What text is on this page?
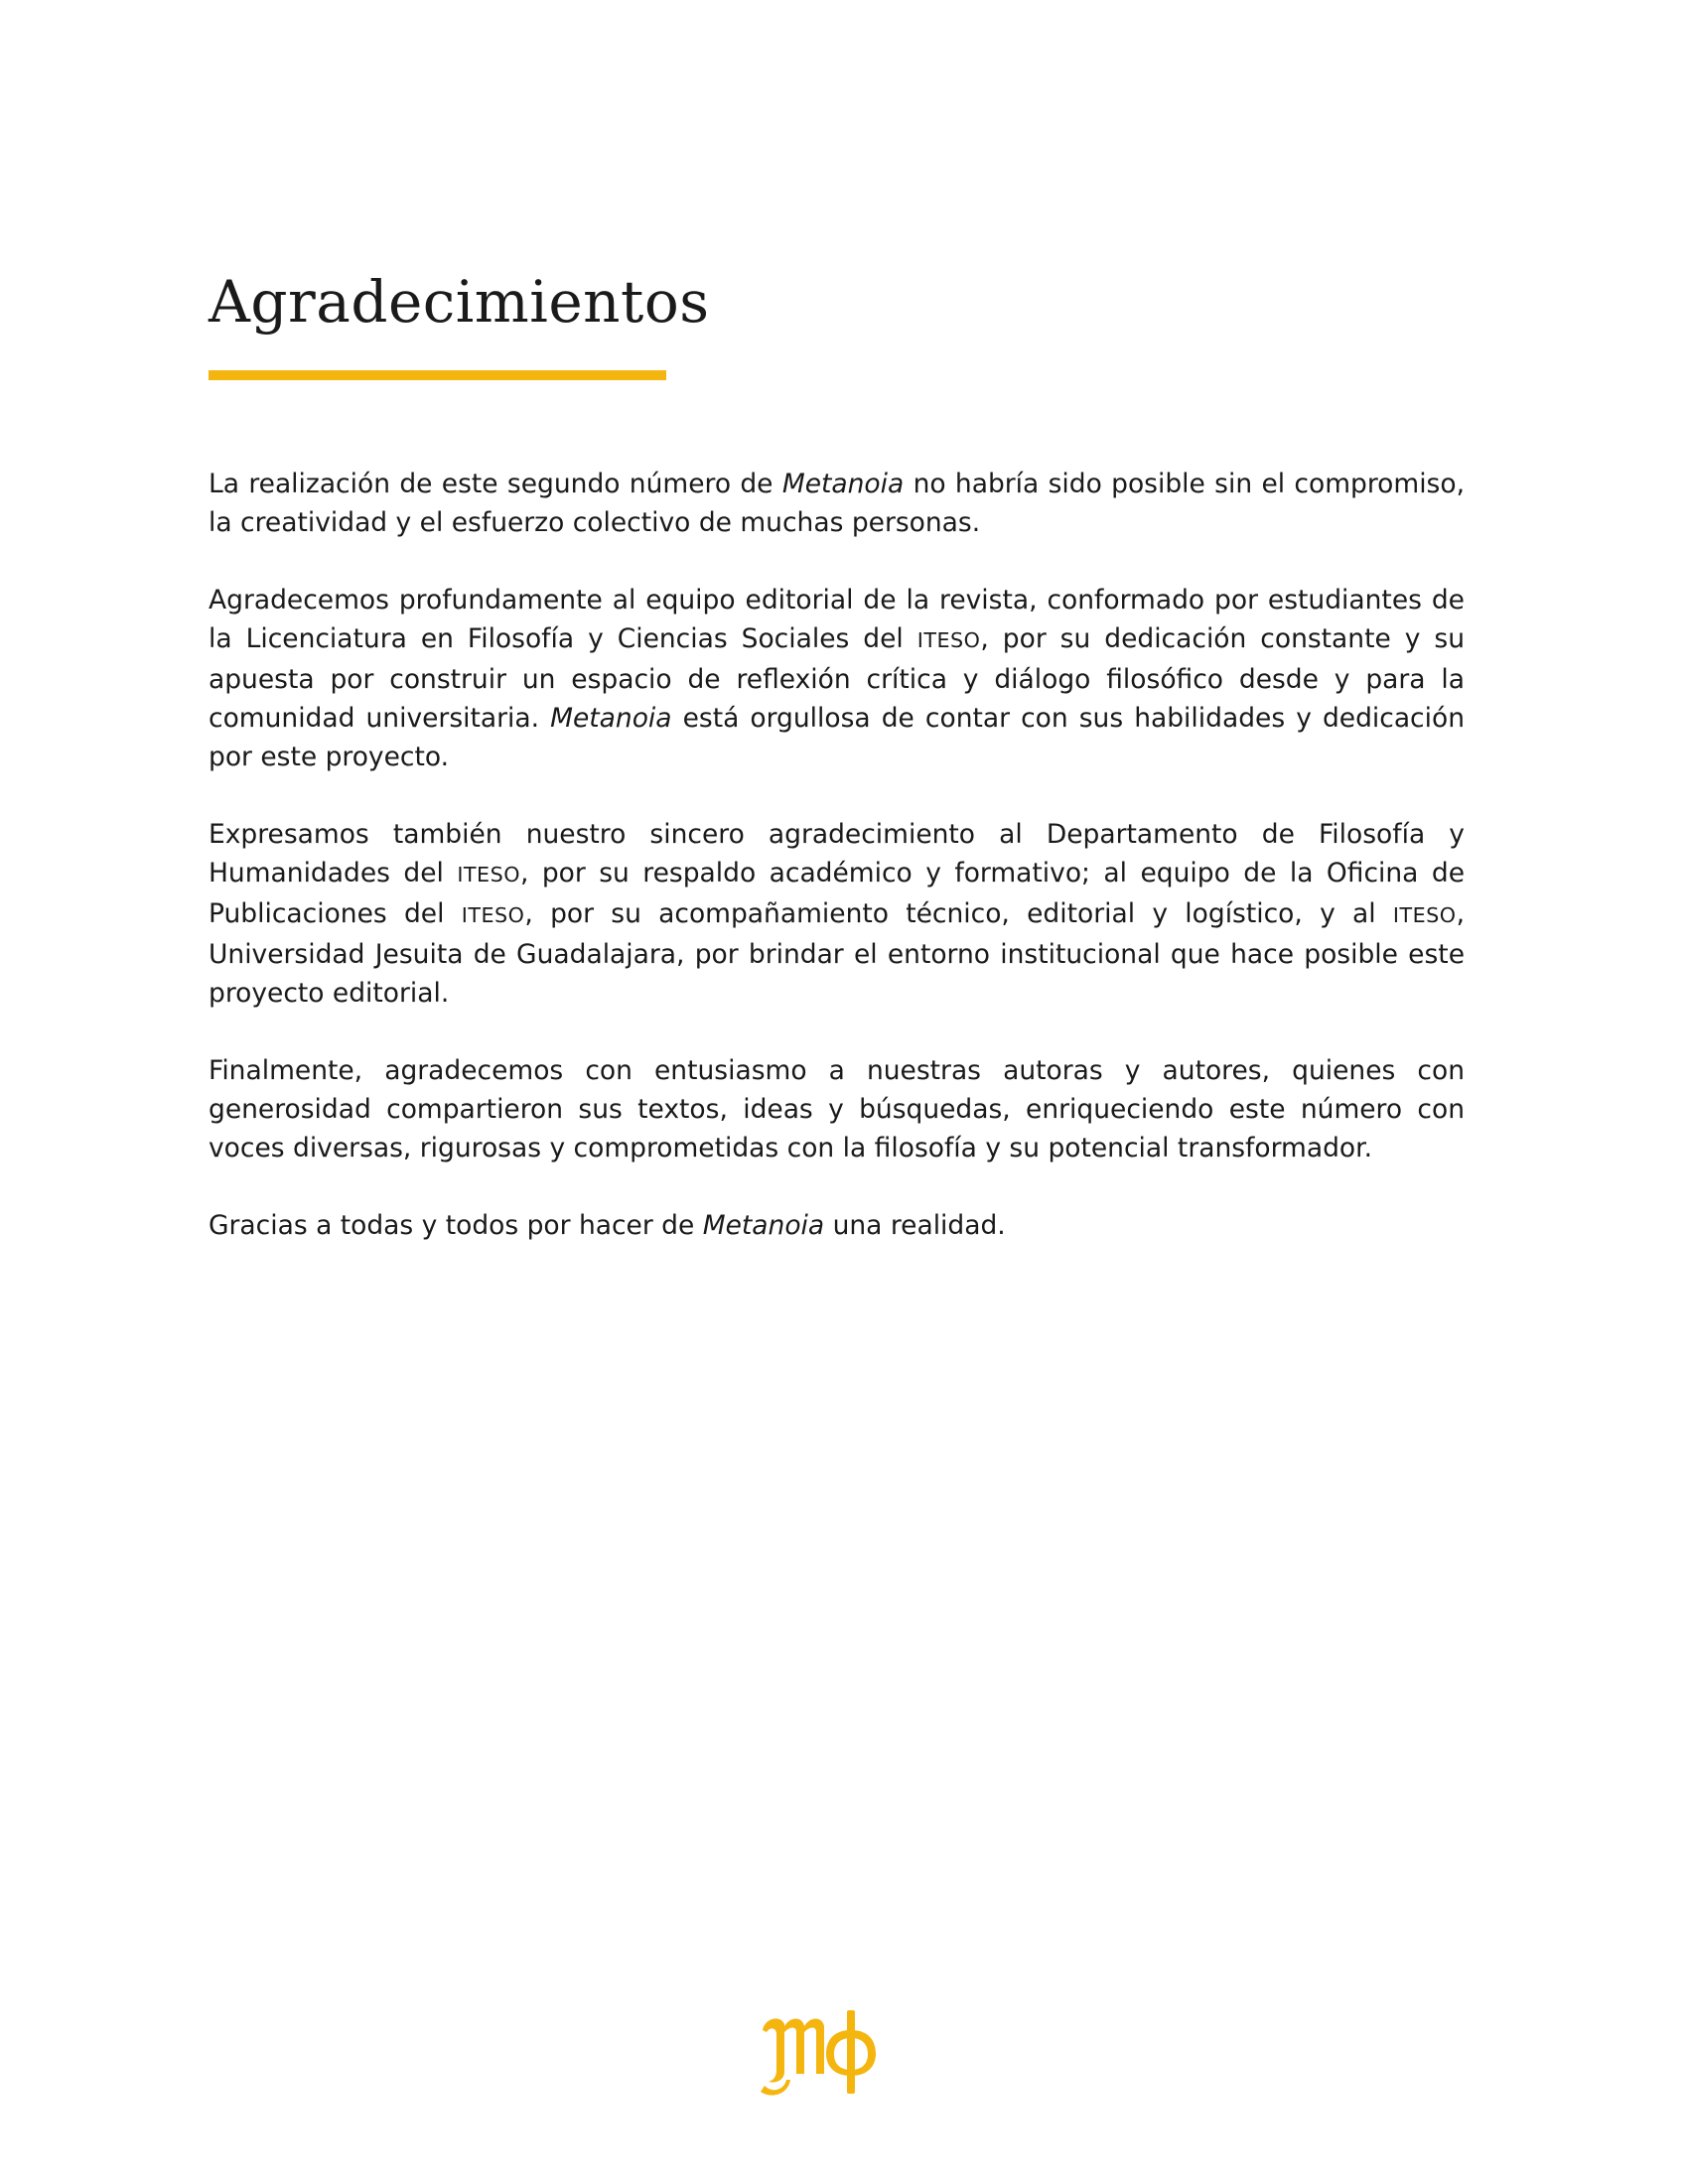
Agradecimientos

La realización de este segundo número de Metanoia no habría sido posible sin el compromiso, la creatividad y el esfuerzo colectivo de muchas personas.

Agradecemos profundamente al equipo editorial de la revista, conformado por estudiantes de la Licenciatura en Filosofía y Ciencias Sociales del ITESO, por su dedicación constante y su apuesta por construir un espacio de reflexión crítica y diálogo filosófico desde y para la comunidad universitaria. Metanoia está orgullosa de contar con sus habilidades y dedicación por este proyecto.

Expresamos también nuestro sincero agradecimiento al Departamento de Filosofía y Humanidades del ITESO, por su respaldo académico y formativo; al equipo de la Oficina de Publicaciones del ITESO, por su acompañamiento técnico, editorial y logístico, y al ITESO, Universidad Jesuita de Guadalajara, por brindar el entorno institucional que hace posible este proyecto editorial.

Finalmente, agradecemos con entusiasmo a nuestras autoras y autores, quienes con generosidad compartieron sus textos, ideas y búsquedas, enriqueciendo este número con voces diversas, rigurosas y comprometidas con la filosofía y su potencial transformador.

Gracias a todas y todos por hacer de Metanoia una realidad.
